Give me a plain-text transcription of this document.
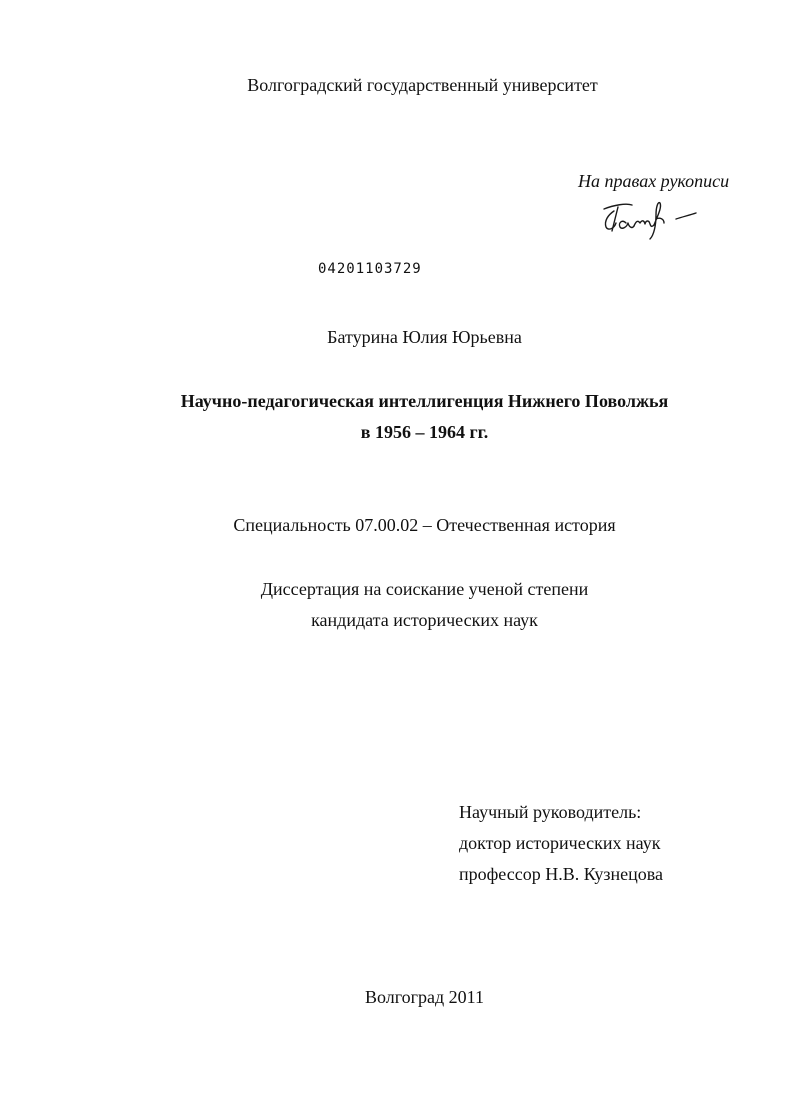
Волгоградский государственный университет
На правах рукописи
04201103729
Батурина Юлия Юрьевна
Научно-педагогическая интеллигенция Нижнего Поволжья
в 1956 – 1964 гг.
Специальность 07.00.02 – Отечественная история
Диссертация на соискание ученой степени
кандидата исторических наук
Научный руководитель:
доктор исторических наук
профессор Н.В. Кузнецова
Волгоград 2011
